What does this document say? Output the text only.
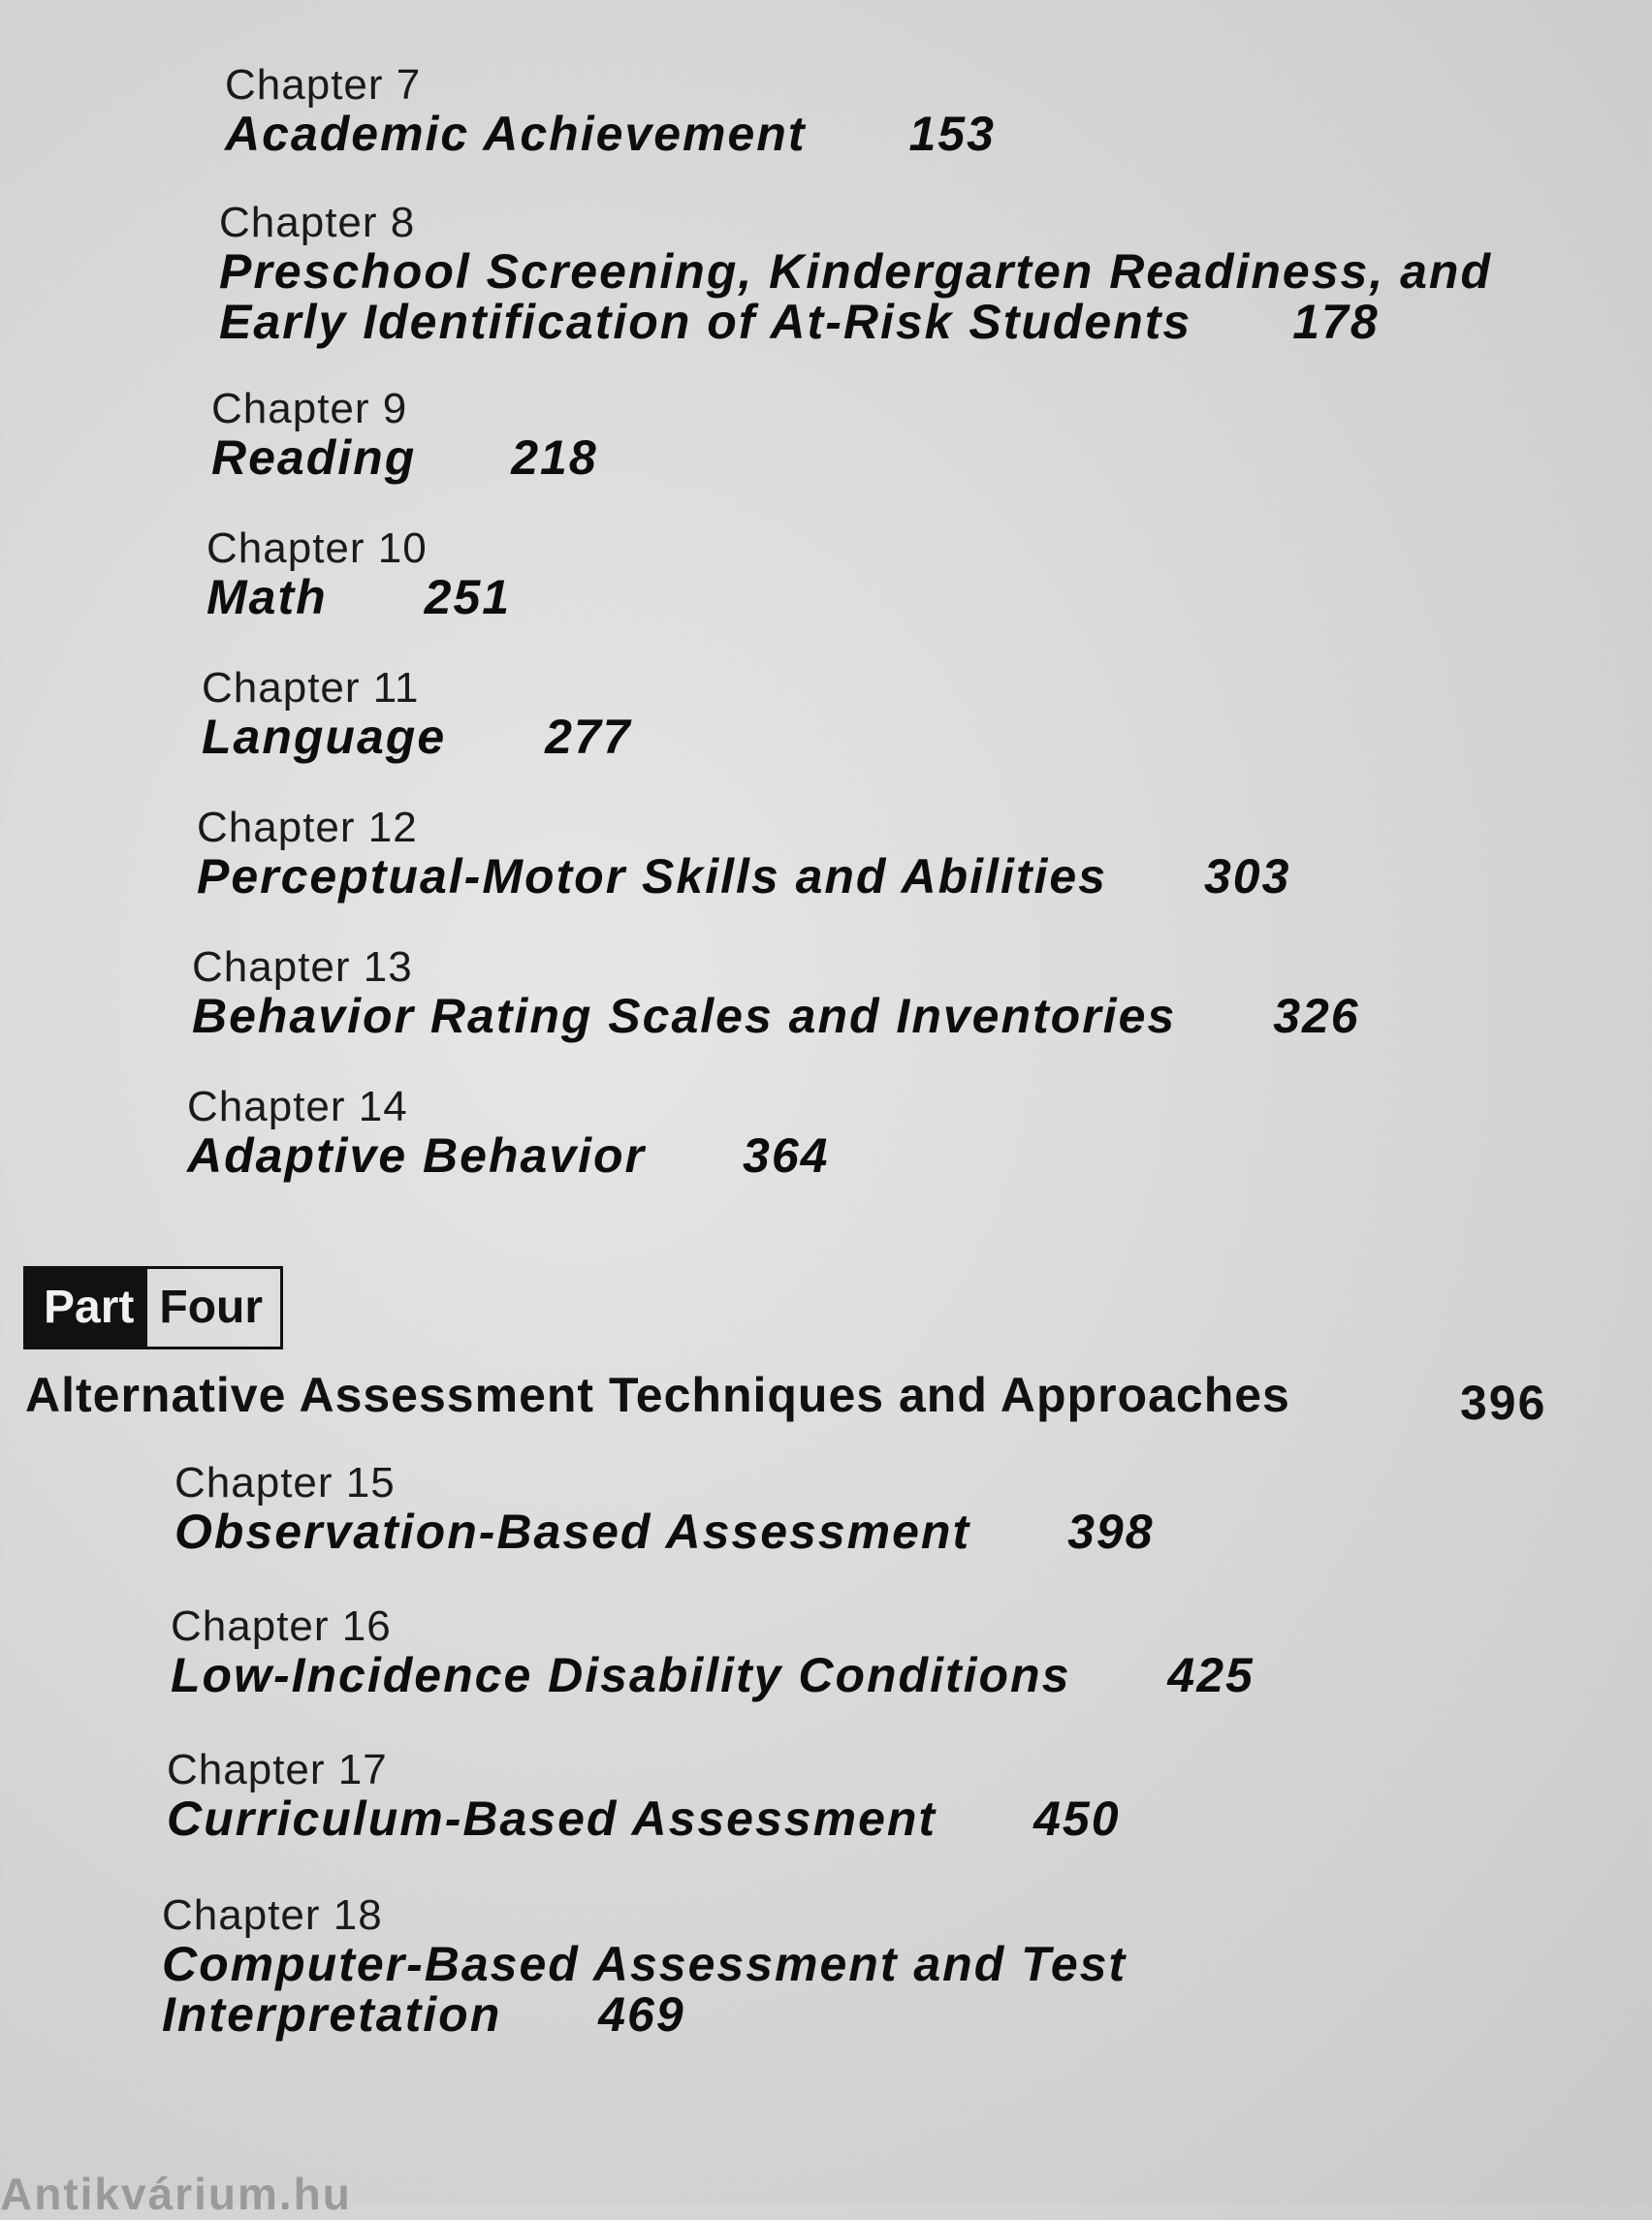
Chapter 7
Academic Achievement 153
Chapter 8
Preschool Screening, Kindergarten Readiness, and
Early Identification of At-Risk Students 178
Chapter 9
Reading 218
Chapter 10
Math 251
Chapter 11
Language 277
Chapter 12
Perceptual-Motor Skills and Abilities 303
Chapter 13
Behavior Rating Scales and Inventories 326
Chapter 14
Adaptive Behavior 364
Part Four
Alternative Assessment Techniques and Approaches	396
Chapter 15
Observation-Based Assessment 398
Chapter 16
Low-Incidence Disability Conditions 425
Chapter 17
Curriculum-Based Assessment 450
Chapter 18
Computer-Based Assessment and Test
Interpretation 469
Antikvárium.hu
